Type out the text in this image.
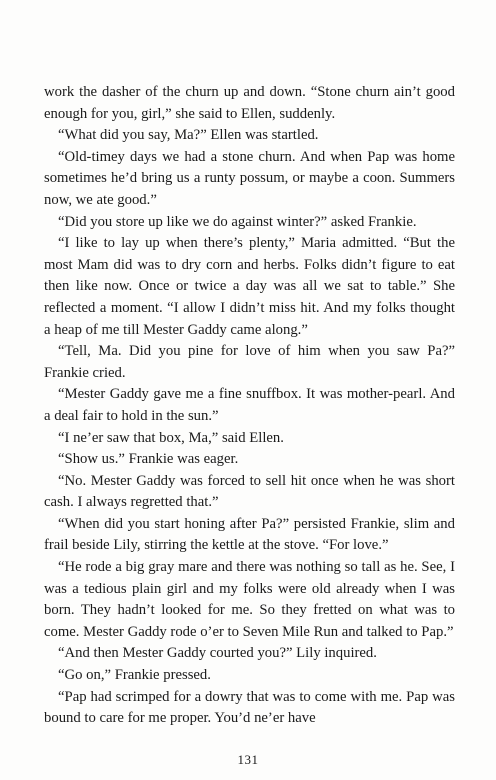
work the dasher of the churn up and down. “Stone churn ain’t good enough for you, girl,” she said to Ellen, suddenly.

“What did you say, Ma?” Ellen was startled.

“Old-timey days we had a stone churn. And when Pap was home sometimes he’d bring us a runty possum, or maybe a coon. Summers now, we ate good.”

“Did you store up like we do against winter?” asked Frankie.

“I like to lay up when there’s plenty,” Maria admitted. “But the most Mam did was to dry corn and herbs. Folks didn’t figure to eat then like now. Once or twice a day was all we sat to table.” She reflected a moment. “I allow I didn’t miss hit. And my folks thought a heap of me till Mester Gaddy came along.”

“Tell, Ma. Did you pine for love of him when you saw Pa?” Frankie cried.

“Mester Gaddy gave me a fine snuffbox. It was mother-pearl. And a deal fair to hold in the sun.”

“I ne’er saw that box, Ma,” said Ellen.

“Show us.” Frankie was eager.

“No. Mester Gaddy was forced to sell hit once when he was short cash. I always regretted that.”

“When did you start honing after Pa?” persisted Frankie, slim and frail beside Lily, stirring the kettle at the stove. “For love.”

“He rode a big gray mare and there was nothing so tall as he. See, I was a tedious plain girl and my folks were old already when I was born. They hadn’t looked for me. So they fretted on what was to come. Mester Gaddy rode o’er to Seven Mile Run and talked to Pap.”

“And then Mester Gaddy courted you?” Lily inquired.

“Go on,” Frankie pressed.

“Pap had scrimped for a dowry that was to come with me. Pap was bound to care for me proper. You’d ne’er have

131
